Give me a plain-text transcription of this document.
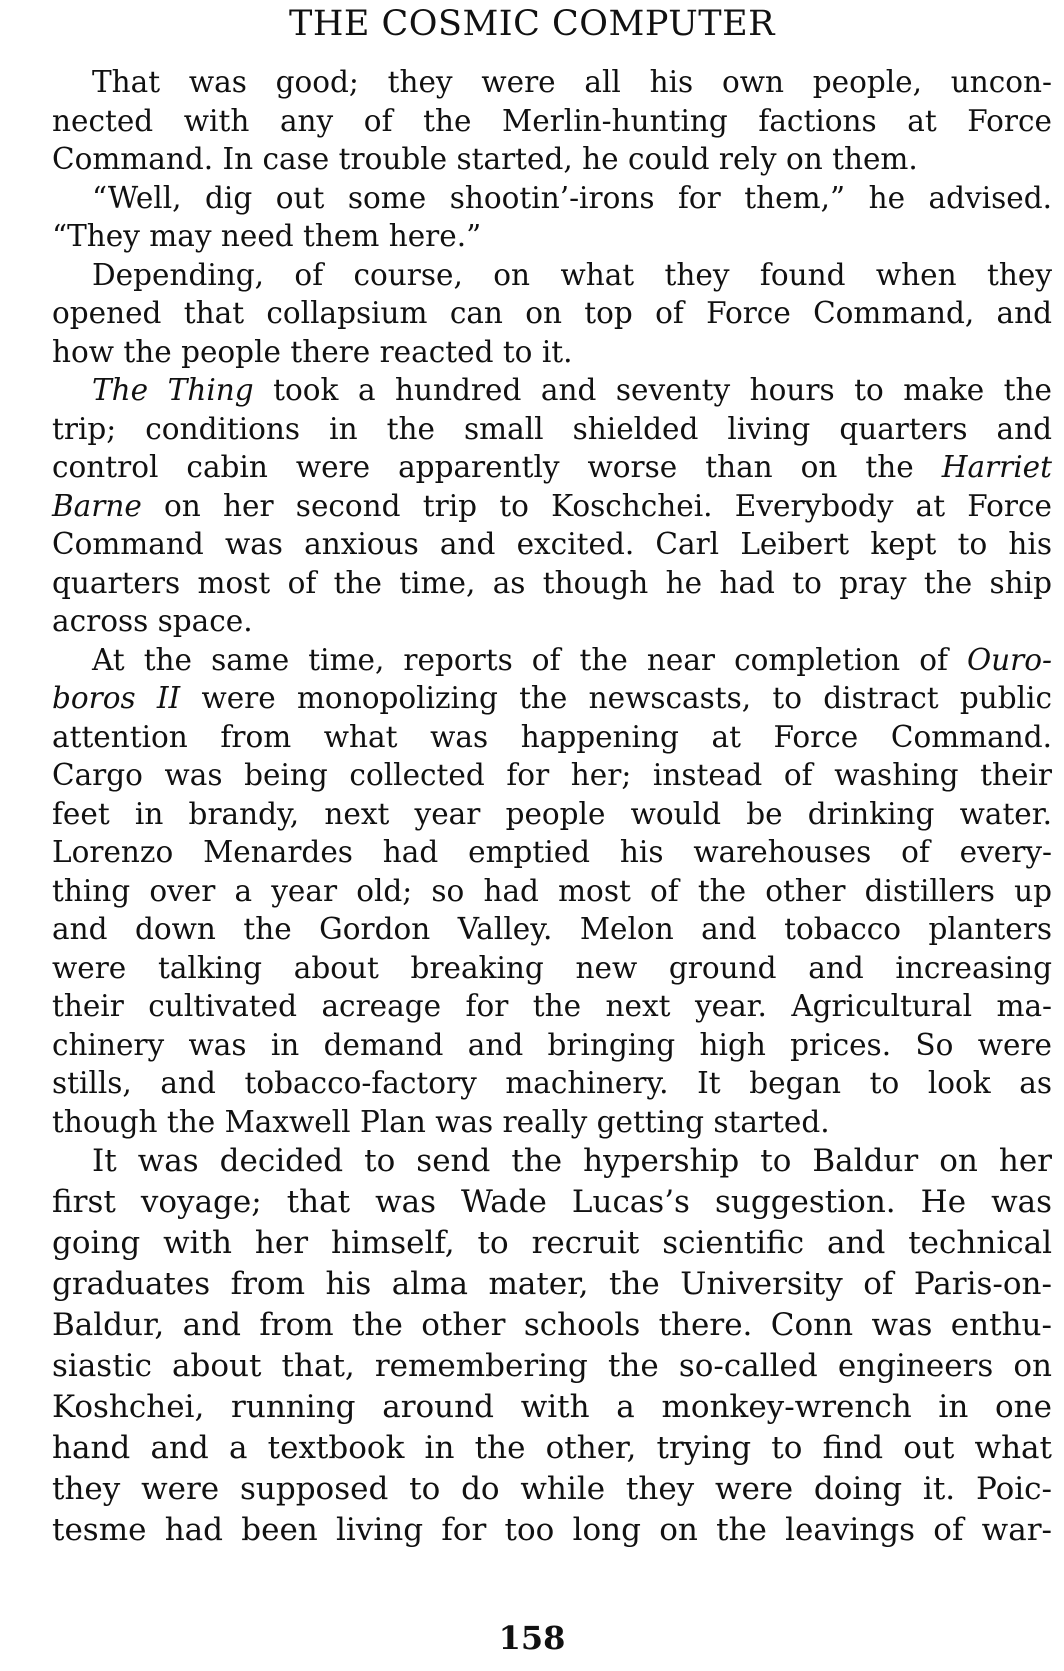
THE COSMIC COMPUTER

That was good; they were all his own people, uncon-
nected with any of the Merlin-hunting factions at Force
Command. In case trouble started, he could rely on them.

“Well, dig out some shootin’-irons for them,” he advised.
“They may need them here.”

Depending, of course, on what they found when they
opened that collapsium can on top of Force Command, and
how the people there reacted to it.

The Thing took a hundred and seventy hours to make the
trip; conditions in the small shielded living quarters and
control cabin were apparently worse than on the Harriet
Barne on her second trip to Koschchei. Everybody at Force
Command was anxious and excited. Carl Leibert kept to his
quarters most of the time, as though he had to pray the ship
across space.

At the same time, reports of the near completion of Ouro-
boros II were monopolizing the newscasts, to distract public
attention from what was happening at Force Command.
Cargo was being collected for her; instead of washing their
feet in brandy, next year people would be drinking water.
Lorenzo Menardes had emptied his warehouses of every-
thing over a year old; so had most of the other distillers up
and down the Gordon Valley. Melon and tobacco planters
were talking about breaking new ground and increasing
their cultivated acreage for the next year. Agricultural ma-
chinery was in demand and bringing high prices. So were
stills, and tobacco-factory machinery. It began to look as
though the Maxwell Plan was really getting started.

It was decided to send the hypership to Baldur on her
first voyage; that was Wade Lucas’s suggestion. He was
going with her himself, to recruit scientific and technical
graduates from his alma mater, the University of Paris-on-
Baldur, and from the other schools there. Conn was enthu-
siastic about that, remembering the so-called engineers on
Koshchei, running around with a monkey-wrench in one
hand and a textbook in the other, trying to find out what
they were supposed to do while they were doing it. Poic-
tesme had been living for too long on the leavings of war-

158
